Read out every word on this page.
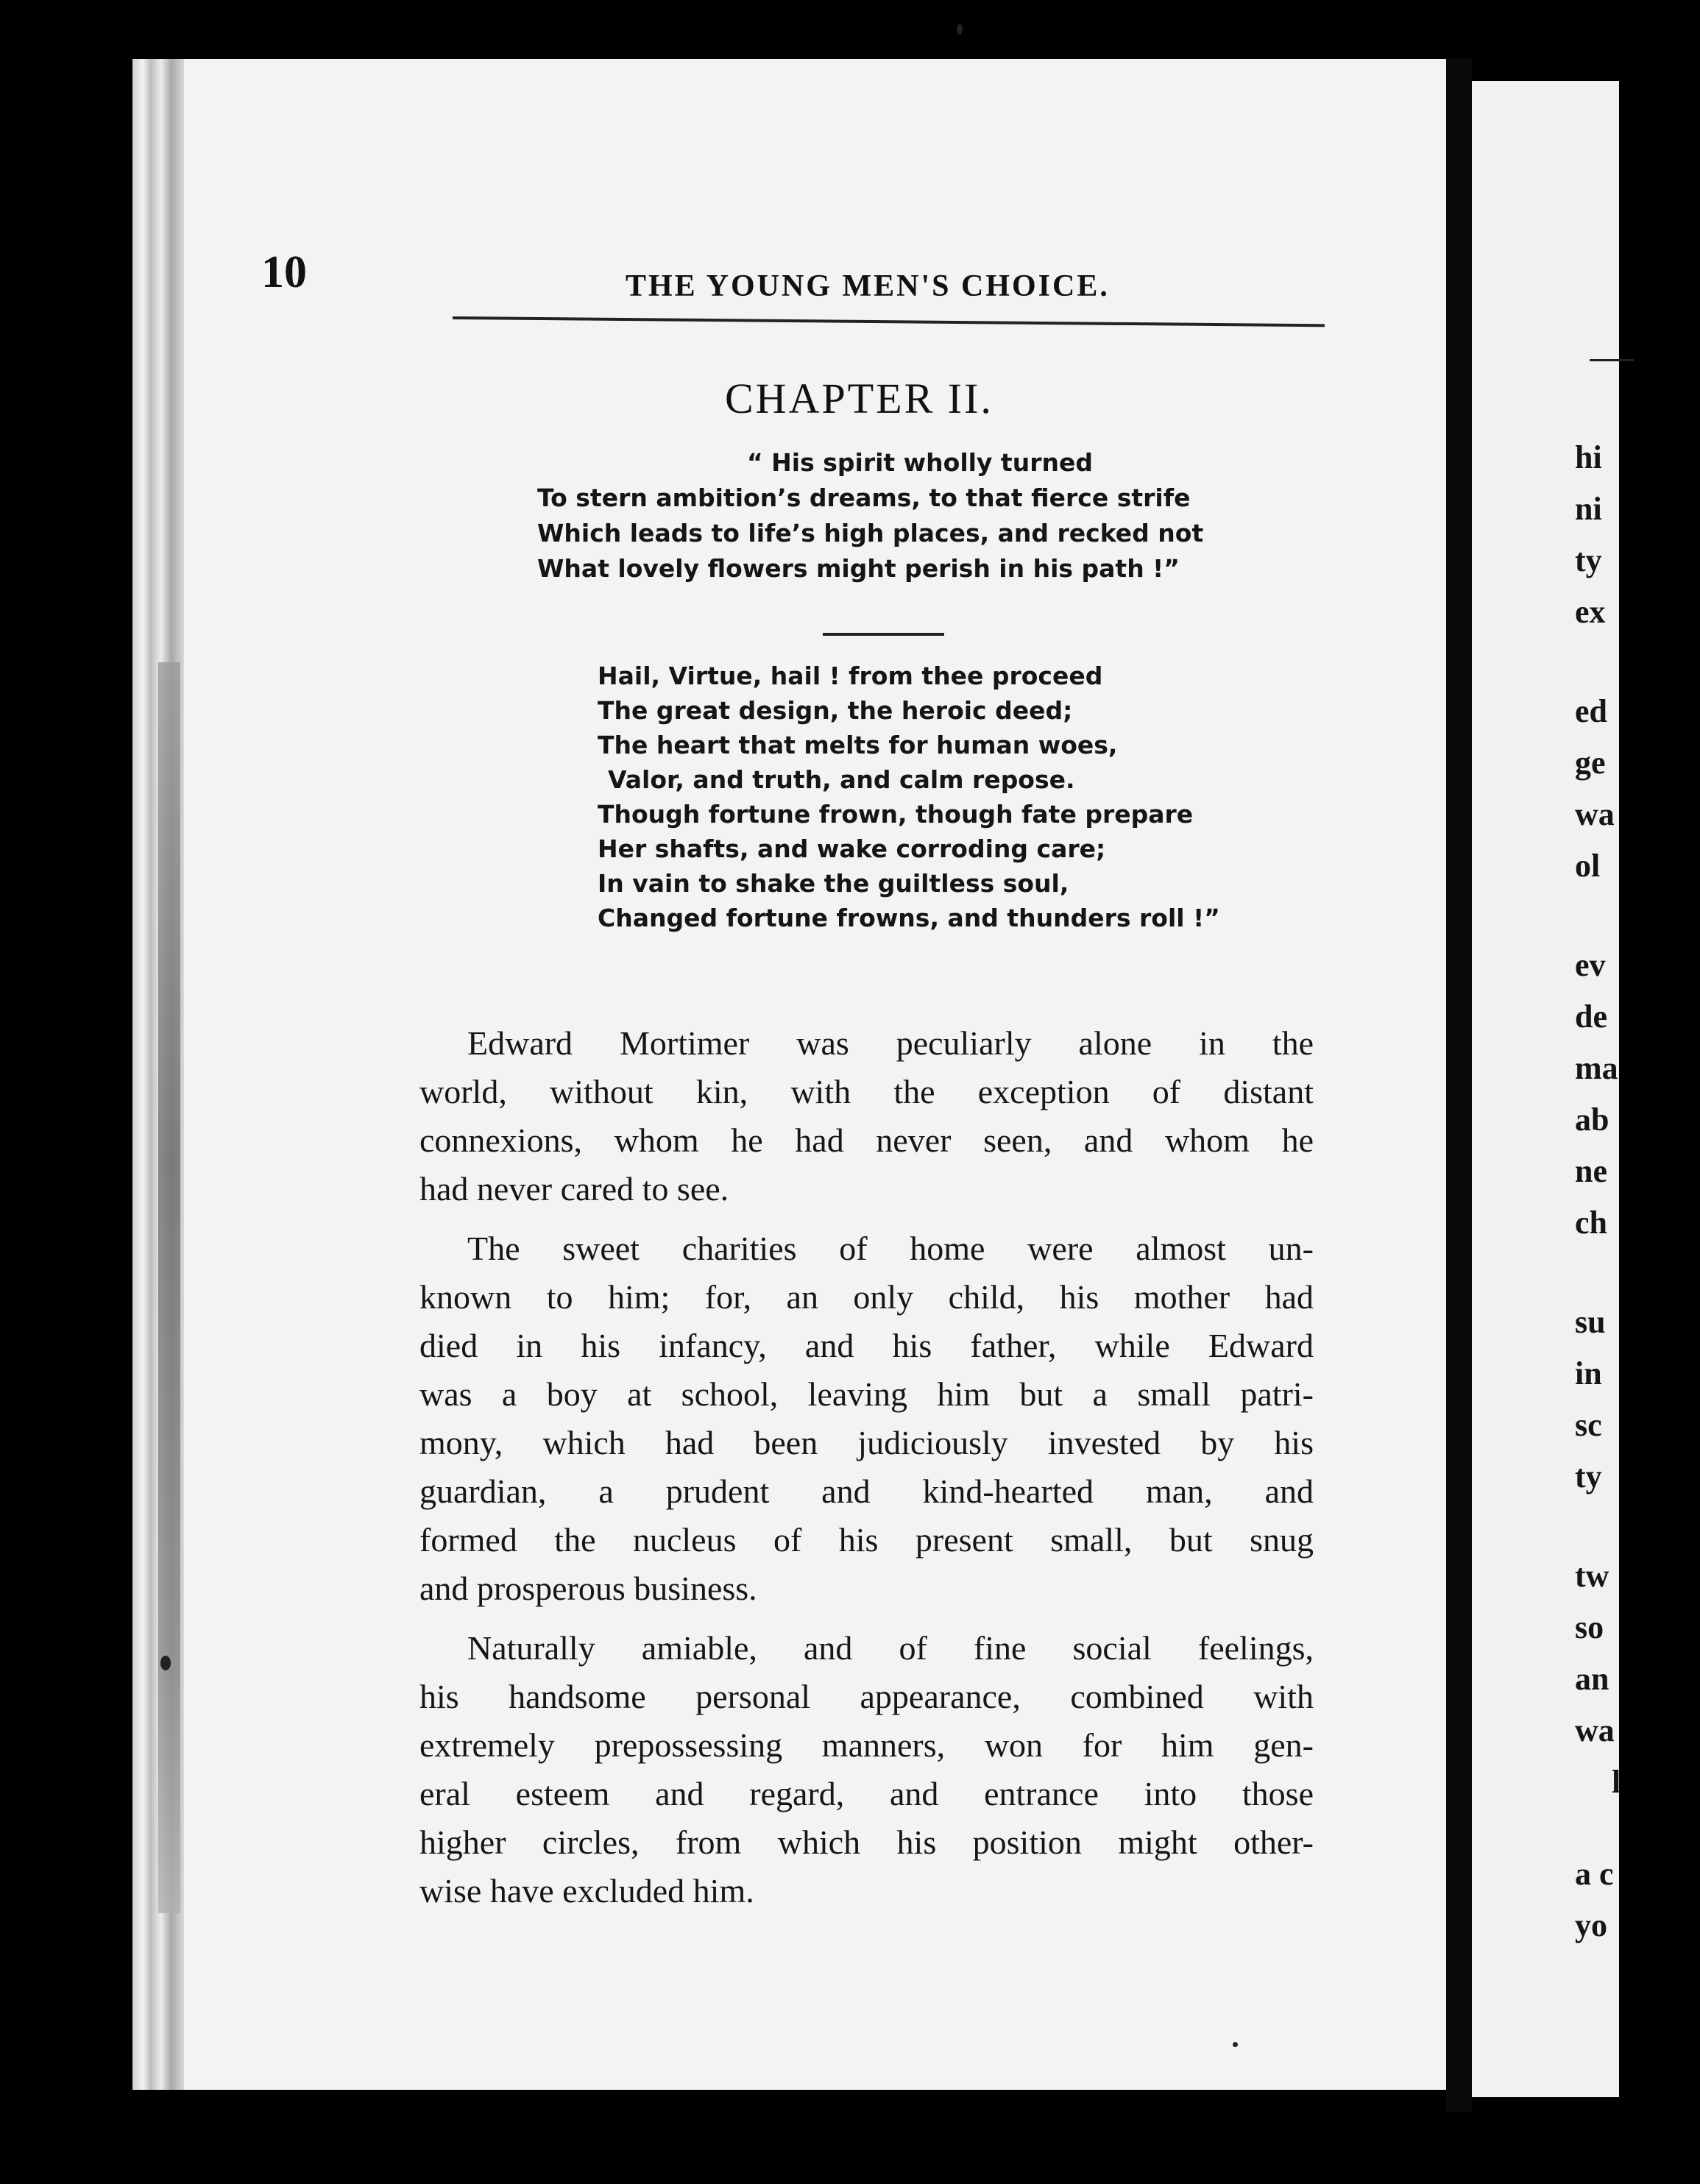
hi
ni
ty
ex
ed
ge
wa
ol
ev
de
ma
ab
ne
ch
su
in
sc
ty
tw
so
an
wa
l
a c
yo
10	THE YOUNG MEN'S CHOICE.
CHAPTER II.
“ His spirit wholly turned
To stern ambition’s dreams, to that fierce strife
Which leads to life’s high places, and recked not
What lovely flowers might perish in his path !”
Hail, Virtue, hail ! from thee proceed
The great design, the heroic deed;
The heart that melts for human woes,
Valor, and truth, and calm repose.
Though fortune frown, though fate prepare
Her shafts, and wake corroding care;
In vain to shake the guiltless soul,
Changed fortune frowns, and thunders roll !”
Edward Mortimer was peculiarly alone in the
world, without kin, with the exception of distant
connexions, whom he had never seen, and whom he
had never cared to see.
The sweet charities of home were almost un-
known to him; for, an only child, his mother had
died in his infancy, and his father, while Edward
was a boy at school, leaving him but a small patri-
mony, which had been judiciously invested by his
guardian, a prudent and kind-hearted man, and
formed the nucleus of his present small, but snug
and prosperous business.
Naturally amiable, and of fine social feelings,
his handsome personal appearance, combined with
extremely prepossessing manners, won for him gen-
eral esteem and regard, and entrance into those
higher circles, from which his position might other-
wise have excluded him.
